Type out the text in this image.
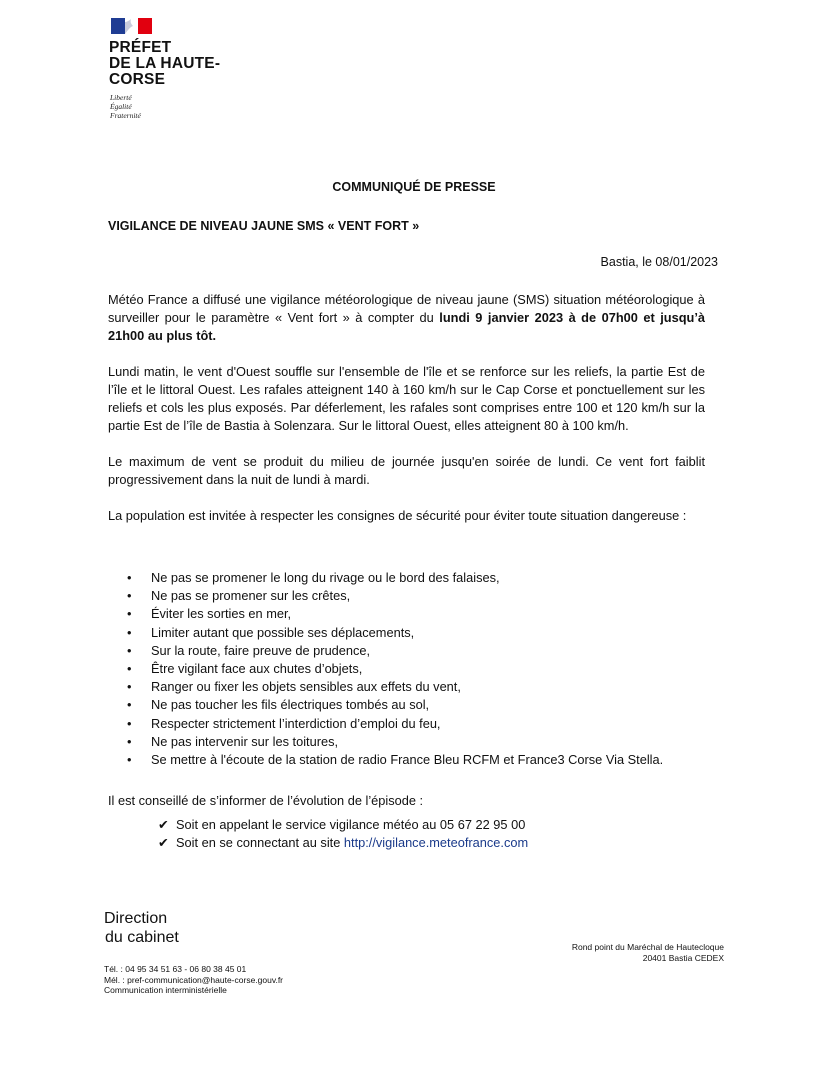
PRÉFET
DE LA HAUTE-
CORSE
Liberté
Égalité
Fraternité
COMMUNIQUÉ DE PRESSE
VIGILANCE DE NIVEAU JAUNE SMS « VENT FORT »
Bastia, le 08/01/2023
Météo France a diffusé une vigilance météorologique de niveau jaune (SMS) situation météorologique à surveiller pour le paramètre « Vent fort » à compter du lundi 9 janvier 2023 à de 07h00 et jusqu’à 21h00 au plus tôt.
Lundi matin, le vent d'Ouest souffle sur l'ensemble de l'île et se renforce sur les reliefs, la partie Est de l’île et le littoral Ouest. Les rafales atteignent 140 à 160 km/h sur le Cap Corse et ponctuellement sur les reliefs et cols les plus exposés. Par déferlement, les rafales sont comprises entre 100 et 120 km/h sur la partie Est de l’île de Bastia à Solenzara. Sur le littoral Ouest, elles atteignent 80 à 100 km/h.
Le maximum de vent se produit du milieu de journée jusqu'en soirée de lundi. Ce vent fort faiblit progressivement dans la nuit de lundi à mardi.
La population est invitée à respecter les consignes de sécurité pour éviter toute situation dangereuse :
• Ne pas se promener le long du rivage ou le bord des falaises,
• Ne pas se promener sur les crêtes,
• Éviter les sorties en mer,
• Limiter autant que possible ses déplacements,
• Sur la route, faire preuve de prudence,
• Être vigilant face aux chutes d’objets,
• Ranger ou fixer les objets sensibles aux effets du vent,
• Ne pas toucher les fils électriques tombés au sol,
• Respecter strictement l’interdiction d’emploi du feu,
• Ne pas intervenir sur les toitures,
• Se mettre à l'écoute de la station de radio France Bleu RCFM et France3 Corse Via Stella.
Il est conseillé de s’informer de l’évolution de l’épisode :
✔ Soit en appelant le service vigilance météo au 05 67 22 95 00
✔ Soit en se connectant au site http://vigilance.meteofrance.com
Direction
du cabinet
Rond point du Maréchal de Hautecloque
20401 Bastia CEDEX
Tél. : 04 95 34 51 63 - 06 80 38 45 01
Mél. : pref-communication@haute-corse.gouv.fr
Communication interministérielle
